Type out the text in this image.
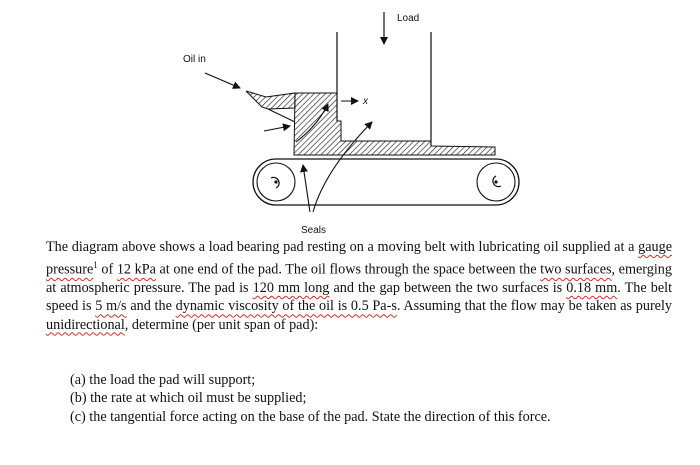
Load
Oil in
x
Seals

The diagram above shows a load bearing pad resting on a moving belt with lubricating oil supplied at a gauge pressure$^1$ of 12 kPa at one end of the pad. The oil flows through the space between the two surfaces, emerging at atmospheric pressure. The pad is 120 mm long and the gap between the two surfaces is 0.18 mm. The belt speed is 5 m/s and the dynamic viscosity of the oil is 0.5 Pa-s. Assuming that the flow may be taken as purely unidirectional, determine (per unit span of pad):

(a) the load the pad will support;
(b) the rate at which oil must be supplied;
(c) the tangential force acting on the base of the pad. State the direction of this force.
